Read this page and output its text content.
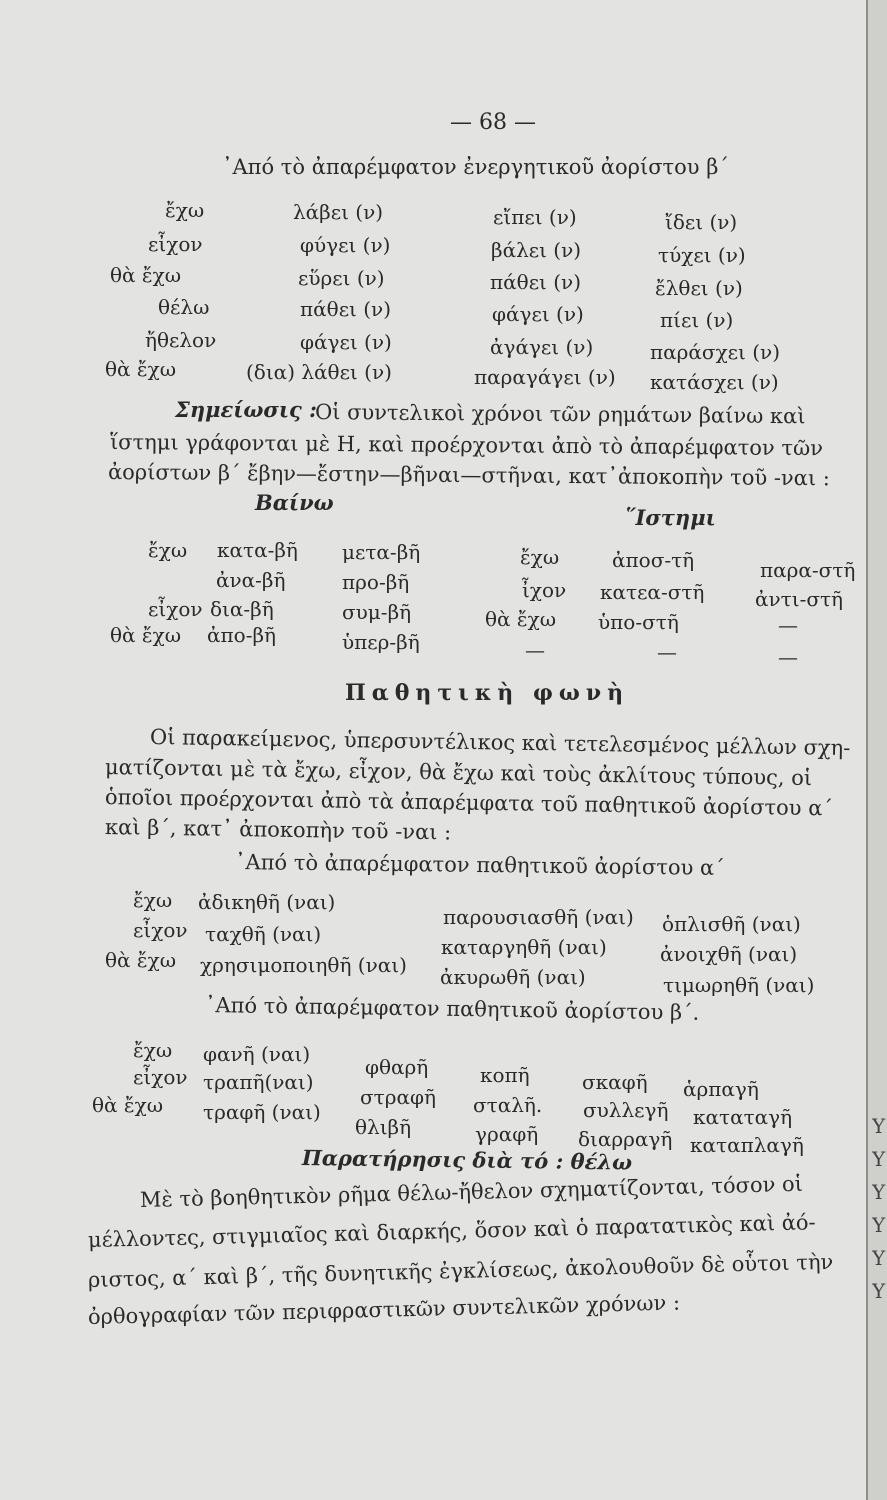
— 68 —
᾽Από τὸ ἀπαρέμφατον ἐνεργητικοῦ ἀορίστου β΄
ἔχω
εἶχον
θὰ ἔχω
θέλω
ἤθελον
θὰ ἔχω
λάβει (ν)
φύγει (ν)
εὕρει (ν)
πάθει (ν)
φάγει (ν)
(δια) λάθει (ν)
εἴπει (ν)
βάλει (ν)
πάθει (ν)
φάγει (ν)
ἀγάγει (ν)
παραγάγει (ν)
ἴδει (ν)
τύχει (ν)
ἔλθει (ν)
πίει (ν)
παράσχει (ν)
κατάσχει (ν)
Σημείωσις :
Οἱ συντελικοὶ χρόνοι τῶν ρημάτων βαίνω καὶ
ἵστημι γράφονται μὲ Η, καὶ προέρχονται ἀπὸ τὸ ἀπαρέμφατον τῶν
ἀορίστων β΄ ἔβην—ἔστην—βῆναι—στῆναι, κατ᾽ἀποκοπὴν τοῦ -ναι :
Βαίνω
ἔχω
εἶχον
θὰ ἔχω
κατα-βῆ
ἀνα-βῆ
δια-βῆ
ἀπο-βῆ
μετα-βῆ
προ-βῆ
συμ-βῆ
ὑπερ-βῆ
῞Ιστημι
ἔχω
ἶχον
θὰ ἔχω
—
ἀποσ-τῆ
κατεα-στῆ
ὑπο-στῆ
—
παρα-στῆ
ἀντι-στῆ
—
—
Παθητικὴ φωνὴ
Οἱ παρακείμενος, ὑπερσυντέλικος καὶ τετελεσμένος μέλλων σχη-
ματίζονται μὲ τὰ ἔχω, εἶχον, θὰ ἔχω καὶ τοὺς ἀκλίτους τύπους, οἱ
ὁποῖοι προέρχονται ἀπὸ τὰ ἀπαρέμφατα τοῦ παθητικοῦ ἀορίστου α΄
καὶ β΄, κατ᾽ ἀποκοπὴν τοῦ -ναι :
᾽Από τὸ ἀπαρέμφατον παθητικοῦ ἀορίστου α΄
ἔχω
εἶχον
θὰ ἔχω
ἀδικηθῆ (ναι)
ταχθῆ (ναι)
χρησιμοποιηθῆ (ναι)
παρουσιασθῆ (ναι)
καταργηθῆ (ναι)
ἀκυρωθῆ (ναι)
ὁπλισθῆ (ναι)
ἀνοιχθῆ (ναι)
τιμωρηθῆ (ναι)
᾽Από τὸ ἀπαρέμφατον παθητικοῦ ἀορίστου β΄.
ἔχω
εἶχον
θὰ ἔχω
φανῆ (ναι)
τραπῆ(ναι)
τραφῆ (ναι)
φθαρῆ
στραφῆ
θλιβῆ
κοπῆ
σταλῆ.
γραφῆ
σκαφῆ
συλλεγῆ
διαρραγῆ
ἁρπαγῆ
καταταγῆ
καταπλαγῆ
Παρατήρησις διὰ τό : θέλω
Μὲ τὸ βοηθητικὸν ρῆμα θέλω-ἤθελον σχηματίζονται, τόσον οἱ
μέλλοντες, στιγμιαῖος καὶ διαρκής, ὅσον καὶ ὁ παρατατικὸς καὶ ἀό-
ριστος, α΄ καὶ β΄, τῆς δυνητικῆς ἐγκλίσεως, ἀκολουθοῦν δὲ οὗτοι τὴν
ὀρθογραφίαν τῶν περιφραστικῶν συντελικῶν χρόνων :
Υ
Υ
Υ
Υ
Υ
Υ
